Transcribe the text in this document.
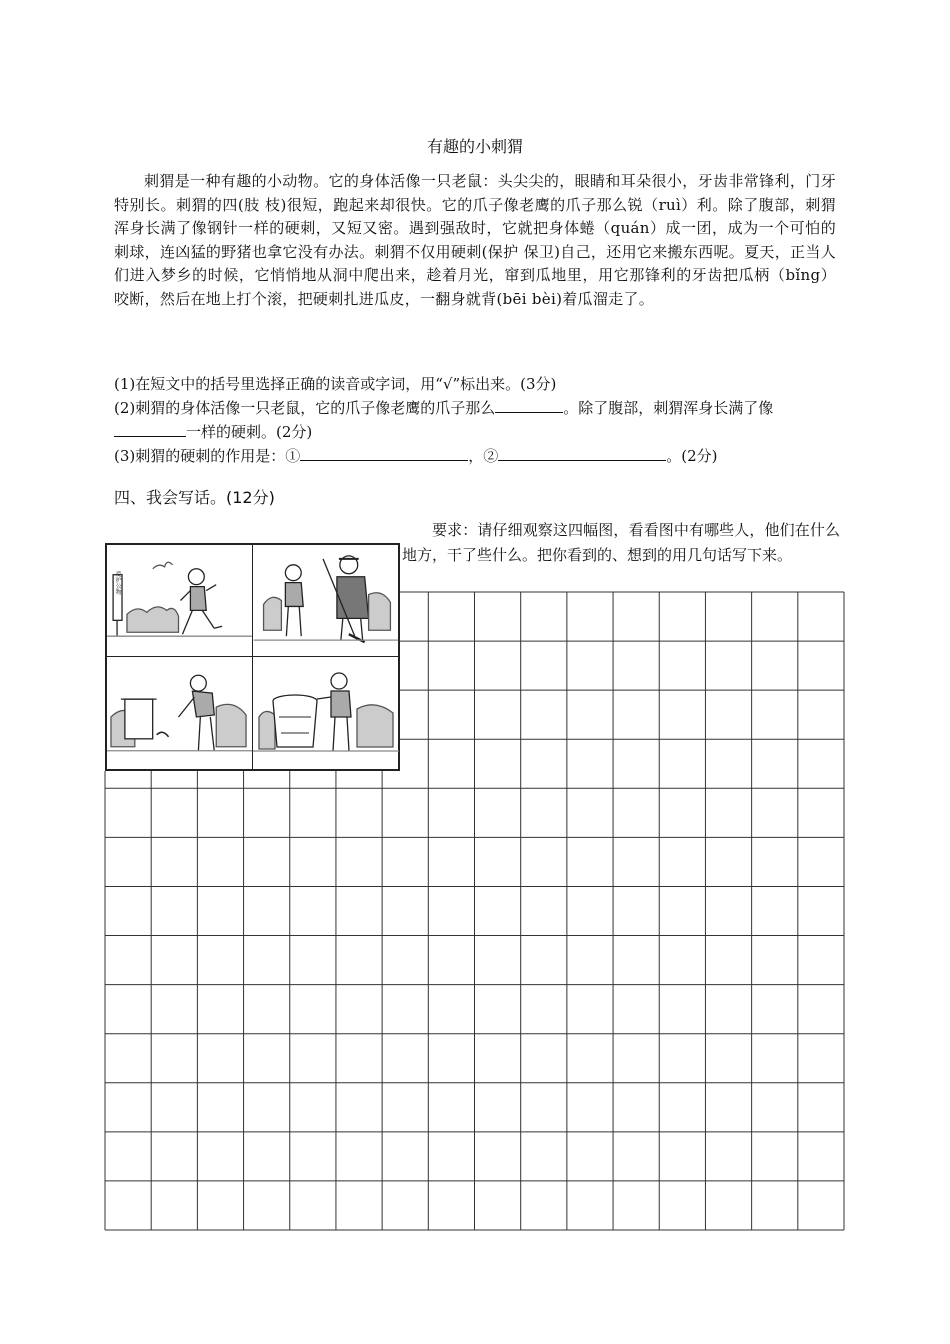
有趣的小刺猬

刺猬是一种有趣的小动物。它的身体活像一只老鼠：头尖尖的，眼睛和耳朵很小，牙齿非常锋利，门牙特别长。刺猬的四(肢 枝)很短，跑起来却很快。它的爪子像老鹰的爪子那么锐（ruì）利。除了腹部，刺猬浑身长满了像钢针一样的硬刺，又短又密。遇到强敌时，它就把身体蜷（quán）成一团，成为一个可怕的刺球，连凶猛的野猪也拿它没有办法。刺猬不仅用硬刺(保护 保卫)自己，还用它来搬东西呢。夏天，正当人们进入梦乡的时候，它悄悄地从洞中爬出来，趁着月光，窜到瓜地里，用它那锋利的牙齿把瓜柄（bǐng）咬断，然后在地上打个滚，把硬刺扎进瓜皮，一翻身就背(bēi bèi)着瓜溜走了。

(1)在短文中的括号里选择正确的读音或字词，用“√”标出来。(3分)
(2)刺猬的身体活像一只老鼠，它的爪子像老鹰的爪子那么	。除了腹部，刺猬浑身长满了像一样的硬刺。(2分)
(3)刺猬的硬刺的作用是：①	，②	。(2分)
四、我会写话。(12分)
要求：请仔细观察这四幅图，看看图中有哪些人，他们在什么地方，干了些什么。把你看到的、想到的用几句话写下来。
爱护公物
